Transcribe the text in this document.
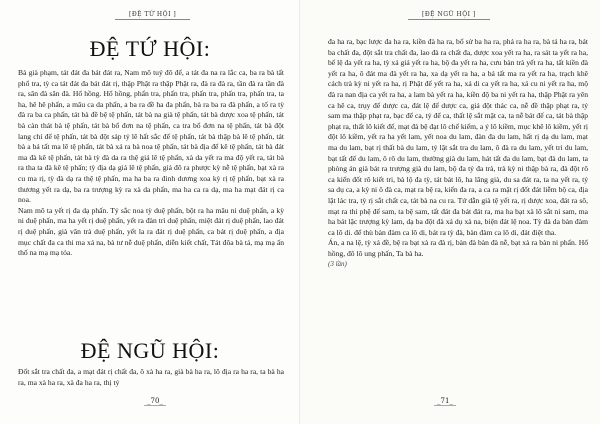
[ĐỆ TỨ HỘI ]
ĐỆ TỨ HỘI:

Bà già phạm, tát đát đa bát đát ra, Nam mô tuý đô đế, a tát đa na ra lắc ca, ba ra bà tất phổ tra, tỳ ca tát đát đa bát đát rị, thập Phật ra thập Phật ra, đà ra đà ra, tần đà ra tần đà ra, sân đà sân đà. Hổ hồng. Hổ hồng, phấn tra, phấn tra, phấn tra, phấn tra, phấn tra, ta ha, hê hê phấn, a mâu ca da phấn, a ba ra đề ha đa phấn, bà ra ba ra đà phấn, a tố ra tỳ đà ra ba ca phấn, tát bà đề bệ tệ phấn, tát bà na già tệ phấn, tát bà dược xoa tệ phấn, tát bà càn thát bà tệ phấn, tát bà bổ đơn na tệ phấn, ca tra bổ đơn na tệ phấn, tát bà đột lang chỉ đế tệ phấn, tát bà đột sáp tỷ lê hất sắc đế tệ phấn, tát bà thập bà lê tệ phấn, tát bà a bá tất ma lê tệ phấn, tát bà xá ra bà noa tệ phấn, tát bà địa để kê tệ phấn, tát bà đát ma đà kê tệ phấn, tát bà tỳ đà da ra thệ giá lê tệ phấn, xà da yết ra ma độ yết ra, tát bà ra tha ta đà kê tệ phấn; tỳ địa dạ giá lê tệ phấn, giả đô ra phược kỳ nễ tệ phấn, bạt xà ra cu ma rị, tỳ đà dạ ra thệ tệ phấn, ma ha ba ra đinh dương xoa kỳ rị tệ phấn, bạt xà ra thương yết ra dạ, ba ra trượng kỳ ra xà da phấn, ma ha ca ra dạ, ma ha mạt đát rị ca noa.

Nam mô ta yết rị đa dạ phấn. Tỷ sắc noa tỳ duệ phấn, bột ra ha mâu ni duệ phấn, a kỳ ni duệ phấn, ma ha yết rị duệ phấn, yết ra đàn trì duệ phấn, miệt đát rị duệ phấn, lao đát rị duệ phấn, già văn trà duệ phấn, yết la ra đát rị duệ phấn, ca bát rị duệ phấn, a địa mục chất đa ca thi ma xá na, bà tư nễ duệ phấn, diễn kiết chất, Tát đõa bà tả, mạ mạ ấn thố na mạ mạ tỏa.

ĐỆ NGŨ HỘI:

Đốt sắt tra chất đa, a mạt đát rị chất đa, ô xà ha ra, già bà ha ra, lô địa ra ha ra, ta bà ha ra, ma xà ha ra, xà đa ha ra, thị tỷ

_70_
[ĐỆ NGŨ HỘI ]

đa ha ra, bạc lược đa ha ra, kiền đà ha ra, bổ sử ba ha ra, phả ra ha ra, bà tả ha ra, bát ba chất đa, đột sắt tra chất đa, lao đà ra chất đa, dược xoa yết ra ha, ra sát ta yết ra ha, bế lệ đa yết ra ha, tỳ xá giá yết ra ha, bộ đa yết ra ha, cưu bàn trà yết ra ha, tất kiền đà yết ra ha, ô đát ma đà yết ra ha, xa dạ yết ra ha, a bá tất ma ra yết ra ha, trạch khê cách trà kỳ ni yết ra ha, rị Phật đế yết ra ha, xá di ca yết ra ha, xá cu ni yết ra ha, mộ đà ra nan địa ca yết ra ha, a lam bà yết ra ha, kiền độ ba ni yết ra ha, thập Phật ra yên ca hê ca, trụy đế dược ca, đát lệ đế dược ca, giả đột thác ca, nễ đề thập phạt ra, tỷ sam ma thập phạt ra, bạc để ca, tỷ để ca, thất lệ sắt mật ca, ta nễ bát đế ca, tát bà thập phạt ra, thất lô kiết đế, mạt đà bệ đạt lô chế kiếm, a ỷ lô kiềm, mục khê lô kiềm, yết rị đột lô kiềm, yết ra ha yết lam, yết noa du lam, đàn đa du lam, hất rị dạ du lam, mạt ma du lam, bạt rị thất bà du lam, tỷ lật sắt tra du lam, ô đà ra du lam, yết tri du lam, bạt tất đế du lam, ô rô du lam, thường già du lam, hát tất đa du lam, bạt đà du lam, ta phòng án già bát ra trượng già du lam, bộ đa tỷ đa trà, trà kỳ ni thập bà ra, đà đột rô ca kiến đốt rô kiết tri, bà lộ đa tỳ, tát bát lô, ha lăng già, du sa đát ra, ta na yết ra, tỷ sa dụ ca, a kỳ ni ô đà ca, mạt ra bệ ra, kiến đa ra, a ca ra mật rị đốt đát liễm bộ ca, địa lật lác tra, tỳ rị sắt chất ca, tát bà na cu ra. Tứ dẫn già tệ yết ra, rị dược xoa, đát ra sô, mạt ra thi phệ đế sam, ta bệ sam, tất đát đa bát đát ra, ma ha bạt xà lô sắt ni sam, ma ha bát lặc trượng kỳ lam, dạ ba đột đà xá dụ xà na, biện đát lệ noa. Tỳ đà da bàn đàm ca lô di. để thù bàn đàm ca lô di, bát ra tỳ đà, bàn đàm ca lô di, đát điệt tha.

Án, a na lệ, tỳ xá đề, bệ ra bạt xà ra đà rị, bàn đà bàn đà nễ, bạt xà ra bàn ni phấn. Hổ hồng, đô lô ung phấn, Ta bà ha.

(3 lần)

_71_
